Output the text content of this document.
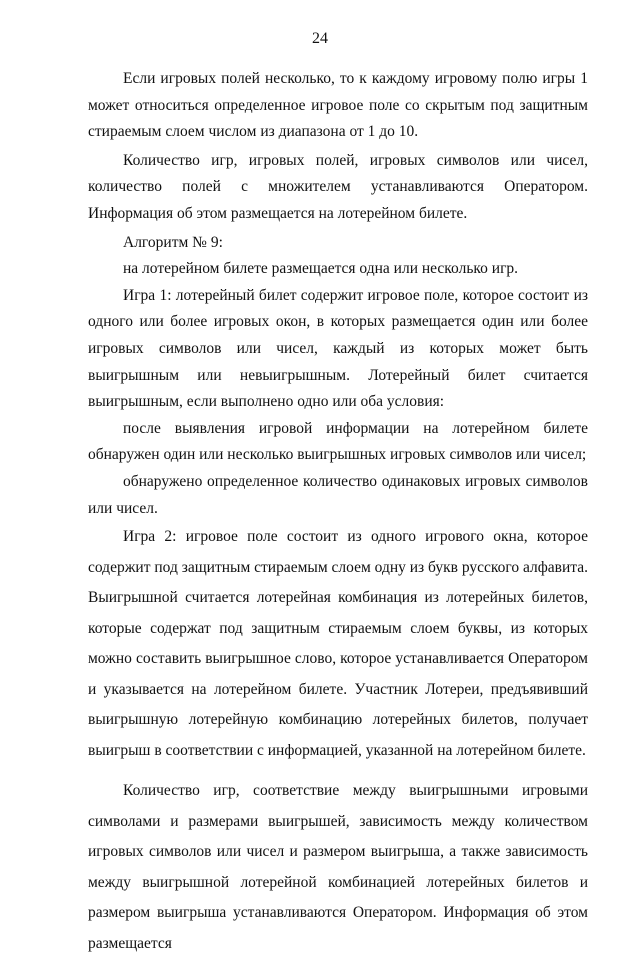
24

Если игровых полей несколько, то к каждому игровому полю игры 1 может относиться определенное игровое поле со скрытым под защитным стираемым слоем числом из диапазона от 1 до 10.

Количество игр, игровых полей, игровых символов или чисел, количество полей с множителем устанавливаются Оператором. Информация об этом размещается на лотерейном билете.

Алгоритм № 9:

на лотерейном билете размещается одна или несколько игр.

Игра 1: лотерейный билет содержит игровое поле, которое состоит из одного или более игровых окон, в которых размещается один или более игровых символов или чисел, каждый из которых может быть выигрышным или невыигрышным. Лотерейный билет считается выигрышным, если выполнено одно или оба условия:

после выявления игровой информации на лотерейном билете обнаружен один или несколько выигрышных игровых символов или чисел;

обнаружено определенное количество одинаковых игровых символов или чисел.

Игра 2: игровое поле состоит из одного игрового окна, которое содержит под защитным стираемым слоем одну из букв русского алфавита. Выигрышной считается лотерейная комбинация из лотерейных билетов, которые содержат под защитным стираемым слоем буквы, из которых можно составить выигрышное слово, которое устанавливается Оператором и указывается на лотерейном билете. Участник Лотереи, предъявивший выигрышную лотерейную комбинацию лотерейных билетов, получает выигрыш в соответствии с информацией, указанной на лотерейном билете.

Количество игр, соответствие между выигрышными игровыми символами и размерами выигрышей, зависимость между количеством игровых символов или чисел и размером выигрыша, а также зависимость между выигрышной лотерейной комбинацией лотерейных билетов и размером выигрыша устанавливаются Оператором. Информация об этом размещается
